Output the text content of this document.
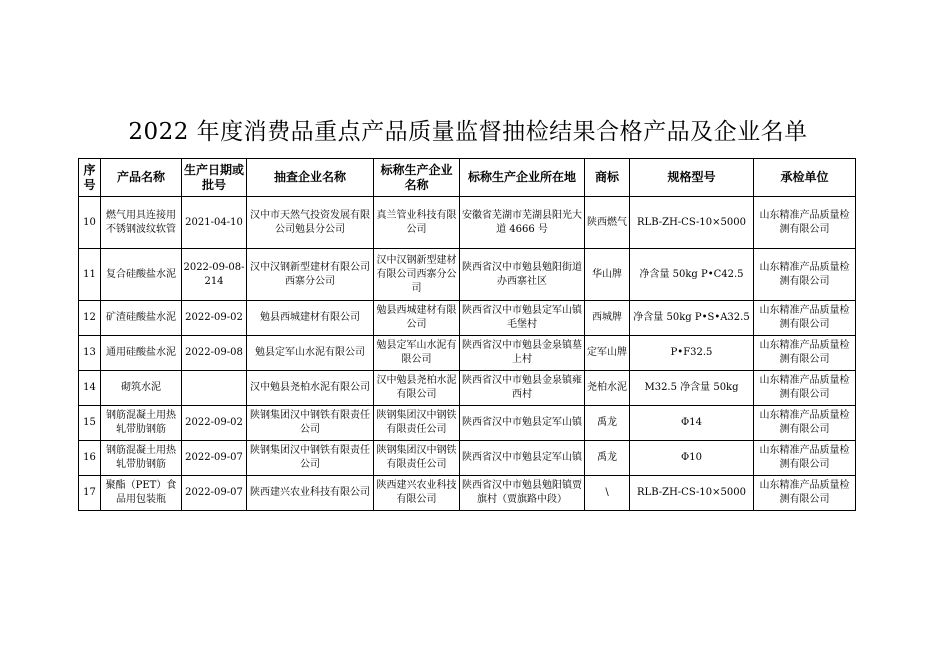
2022 年度消费品重点产品质量监督抽检结果合格产品及企业名单
序号	产品名称	生产日期或批号	抽查企业名称	标称生产企业名称	标称生产企业所在地	商标	规格型号	承检单位
10	燃气用具连接用不锈钢波纹软管	2021-04-10	汉中市天然气投资发展有限公司勉县分公司	真兰管业科技有限公司	安徽省芜湖市芜湖县阳光大道 4666 号	陕西燃气	RLB-ZH-CS-10×5000	山东精准产品质量检测有限公司
11	复合硅酸盐水泥	2022-09-08-214	汉中汉钢新型建材有限公司西寨分公司	汉中汉钢新型建材有限公司西寨分公司	陕西省汉中市勉县勉阳街道办西寨社区	华山牌	净含量 50kg P•C42.5	山东精准产品质量检测有限公司
12	矿渣硅酸盐水泥	2022-09-02	勉县西城建材有限公司	勉县西城建材有限公司	陕西省汉中市勉县定军山镇毛堡村	西城牌	净含量 50kg P•S•A32.5	山东精准产品质量检测有限公司
13	通用硅酸盐水泥	2022-09-08	勉县定军山水泥有限公司	勉县定军山水泥有限公司	陕西省汉中市勉县金泉镇墓上村	定军山牌	P•F32.5	山东精准产品质量检测有限公司
14	砌筑水泥		汉中勉县尧柏水泥有限公司	汉中勉县尧柏水泥有限公司	陕西省汉中市勉县金泉镇雍西村	尧柏水泥	M32.5 净含量 50kg	山东精准产品质量检测有限公司
15	钢筋混凝土用热轧带肋钢筋	2022-09-02	陕钢集团汉中钢铁有限责任公司	陕钢集团汉中钢铁有限责任公司	陕西省汉中市勉县定军山镇	禹龙	Φ14	山东精准产品质量检测有限公司
16	钢筋混凝土用热轧带肋钢筋	2022-09-07	陕钢集团汉中钢铁有限责任公司	陕钢集团汉中钢铁有限责任公司	陕西省汉中市勉县定军山镇	禹龙	Φ10	山东精准产品质量检测有限公司
17	聚酯（PET）食品用包装瓶	2022-09-07	陕西建兴农业科技有限公司	陕西建兴农业科技有限公司	陕西省汉中市勉县勉阳镇贾旗村（贾旗路中段）	\	RLB-ZH-CS-10×5000	山东精准产品质量检测有限公司
